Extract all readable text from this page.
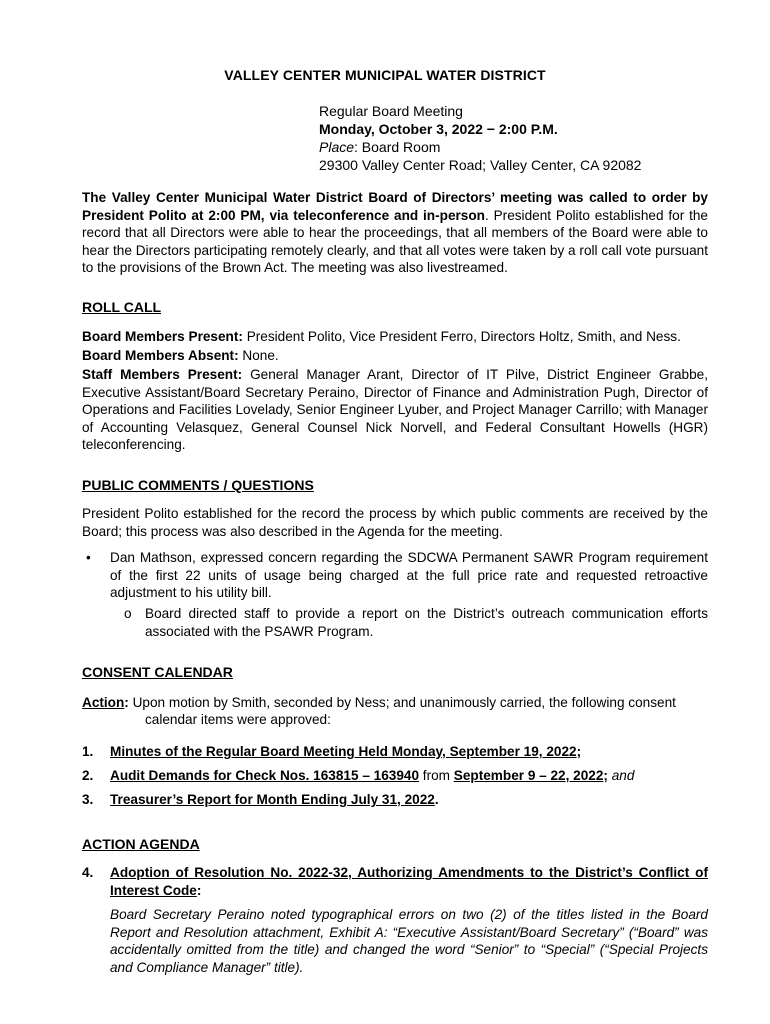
VALLEY CENTER MUNICIPAL WATER DISTRICT
Regular Board Meeting
Monday, October 3, 2022 − 2:00 P.M.
Place: Board Room
29300 Valley Center Road; Valley Center, CA 92082

The Valley Center Municipal Water District Board of Directors’ meeting was called to order by President Polito at 2:00 PM, via teleconference and in-person. President Polito established for the record that all Directors were able to hear the proceedings, that all members of the Board were able to hear the Directors participating remotely clearly, and that all votes were taken by a roll call vote pursuant to the provisions of the Brown Act. The meeting was also livestreamed.

ROLL CALL

Board Members Present: President Polito, Vice President Ferro, Directors Holtz, Smith, and Ness.

Board Members Absent: None.

Staff Members Present: General Manager Arant, Director of IT Pilve, District Engineer Grabbe, Executive Assistant/Board Secretary Peraino, Director of Finance and Administration Pugh, Director of Operations and Facilities Lovelady, Senior Engineer Lyuber, and Project Manager Carrillo; with Manager of Accounting Velasquez, General Counsel Nick Norvell, and Federal Consultant Howells (HGR) teleconferencing.

PUBLIC COMMENTS / QUESTIONS
President Polito established for the record the process by which public comments are received by the Board; this process was also described in the Agenda for the meeting.
• Dan Mathson, expressed concern regarding the SDCWA Permanent SAWR Program requirement of the first 22 units of usage being charged at the full price rate and requested retroactive adjustment to his utility bill.
o Board directed staff to provide a report on the District’s outreach communication efforts associated with the PSAWR Program.
CONSENT CALENDAR
Action: Upon motion by Smith, seconded by Ness; and unanimously carried, the following consent
calendar items were approved:
1. Minutes of the Regular Board Meeting Held Monday, September 19, 2022;
2. Audit Demands for Check Nos. 163815 – 163940 from September 9 – 22, 2022; and
3. Treasurer’s Report for Month Ending July 31, 2022.
ACTION AGENDA
4. Adoption of Resolution No. 2022-32, Authorizing Amendments to the District’s Conflict of Interest Code:
Board Secretary Peraino noted typographical errors on two (2) of the titles listed in the Board Report and Resolution attachment, Exhibit A: “Executive Assistant/Board Secretary” (“Board” was accidentally omitted from the title) and changed the word “Senior” to “Special” (“Special Projects and Compliance Manager” title).
